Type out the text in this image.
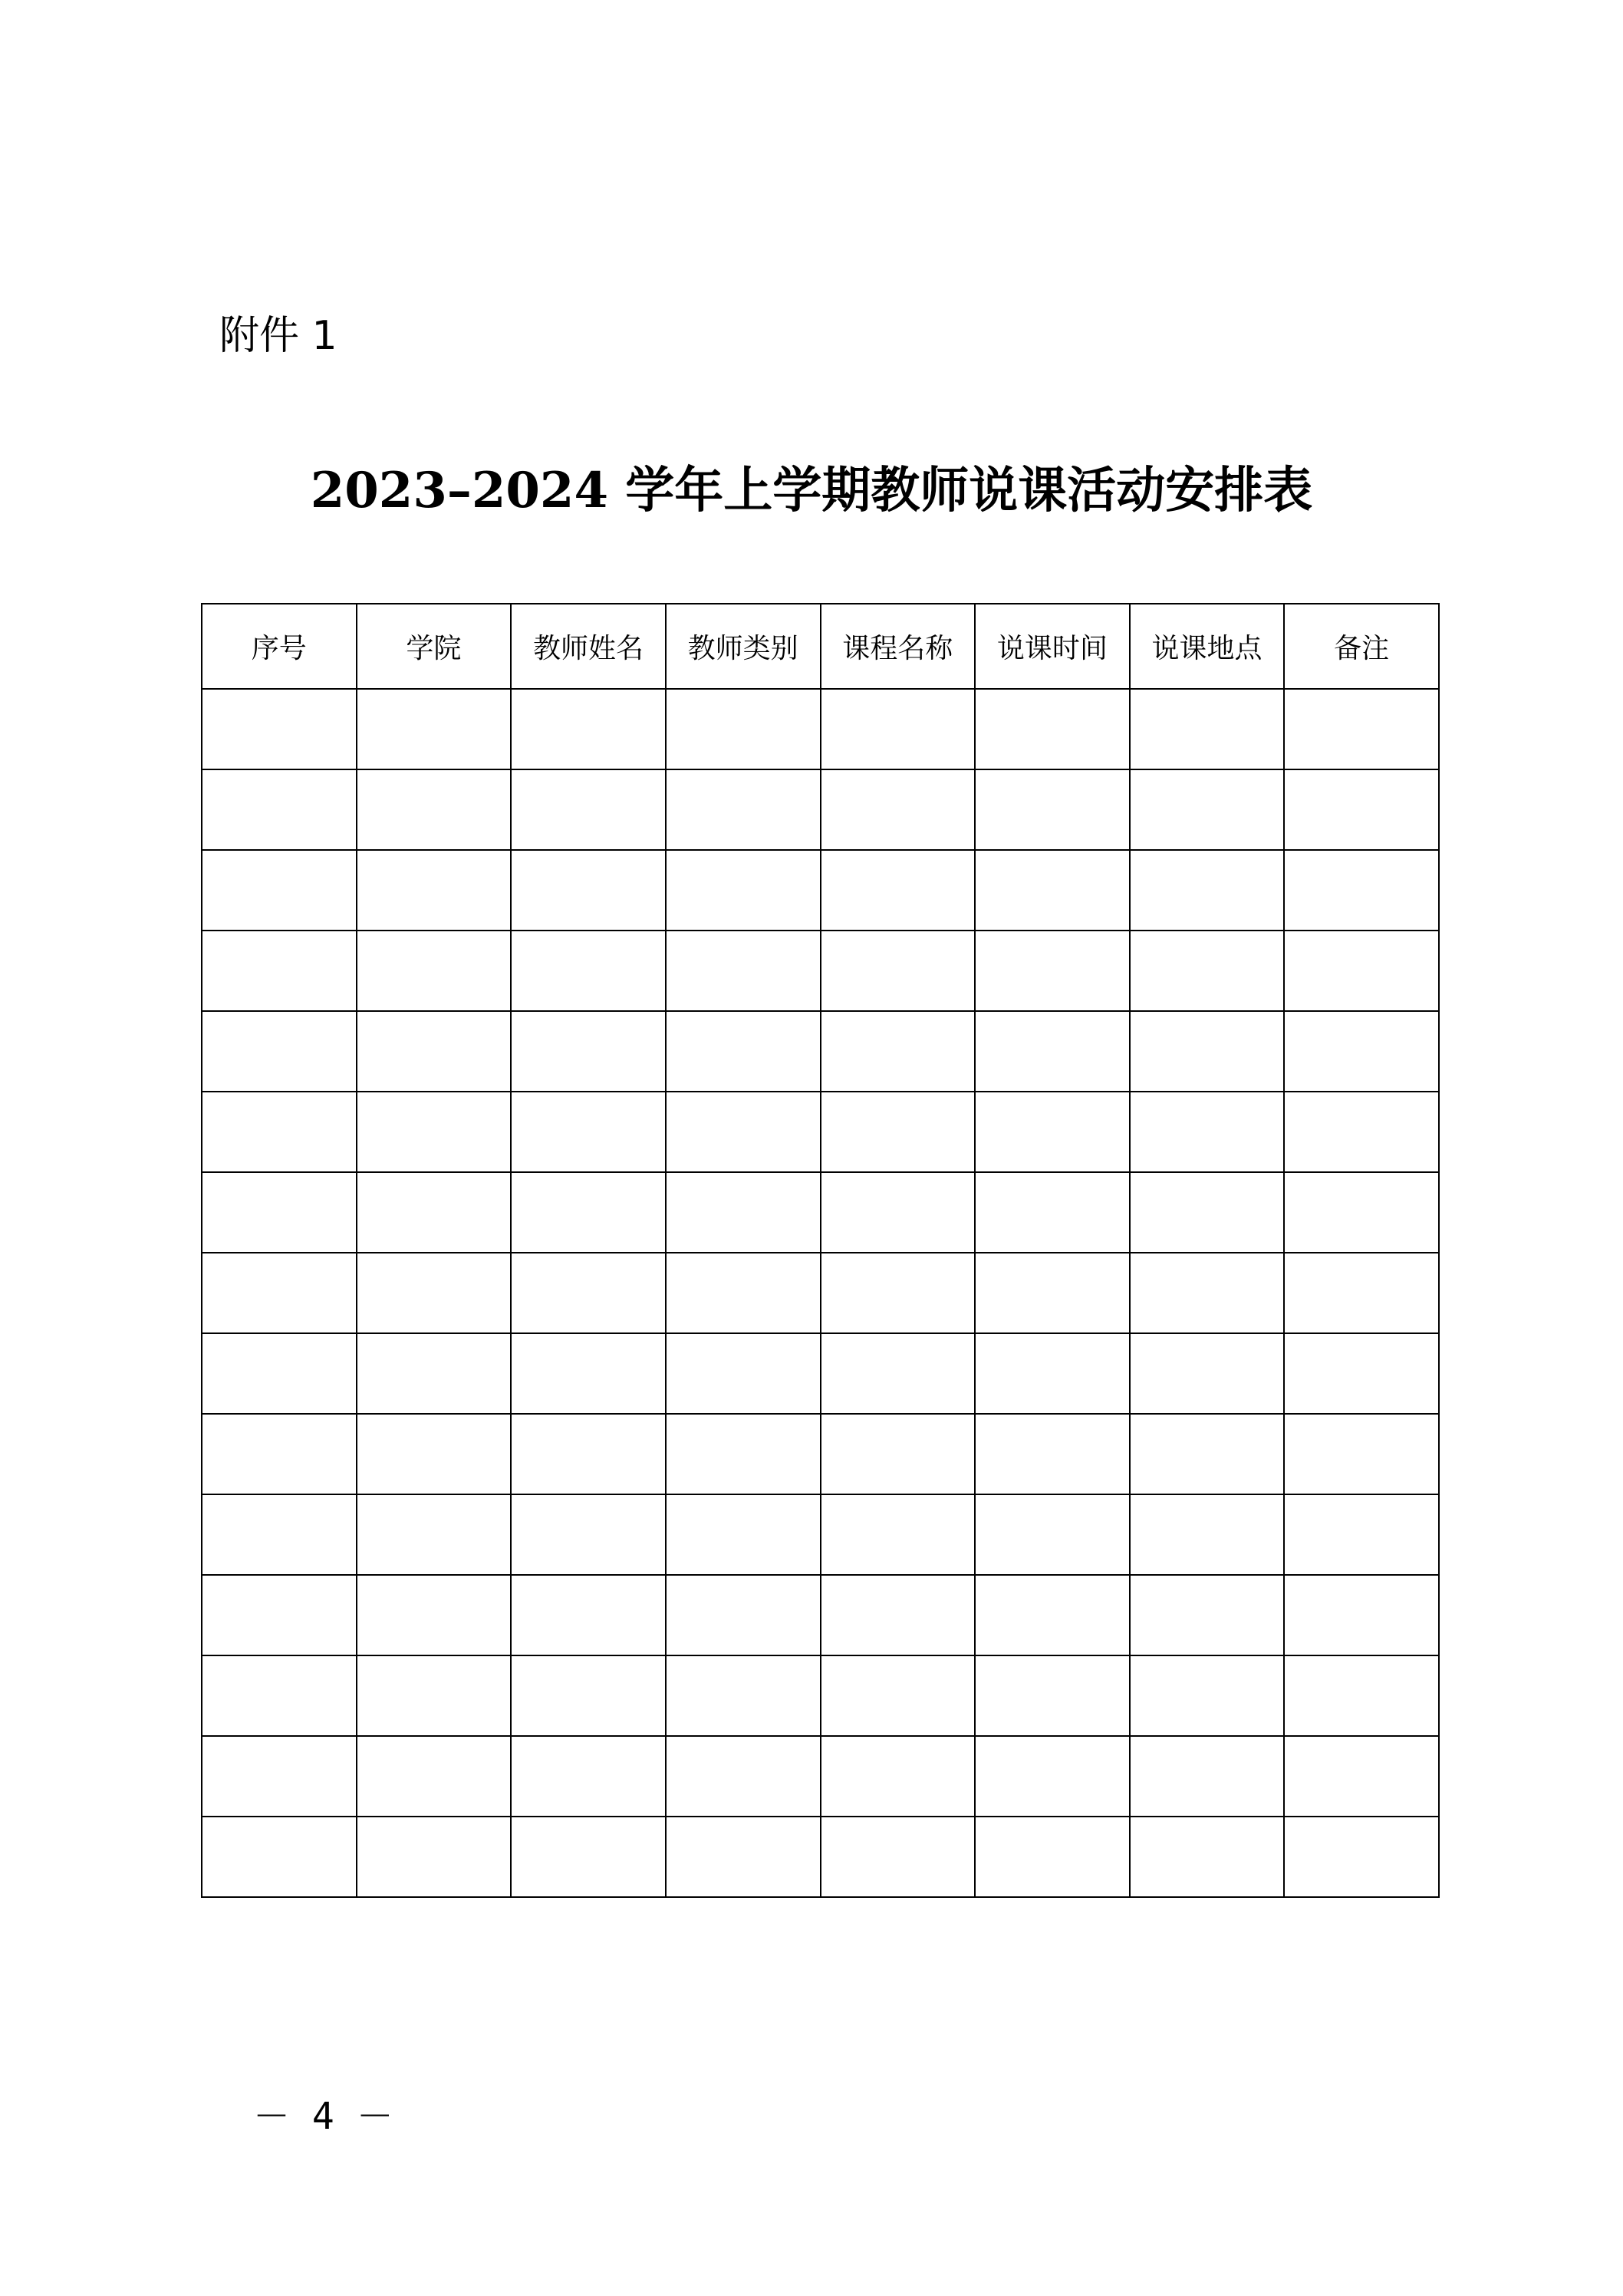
附件 1
2023–2024 学年上学期教师说课活动安排表
序号	学院	教师姓名	教师类别	课程名称	说课时间	说课地点	备注

－ 4 －
